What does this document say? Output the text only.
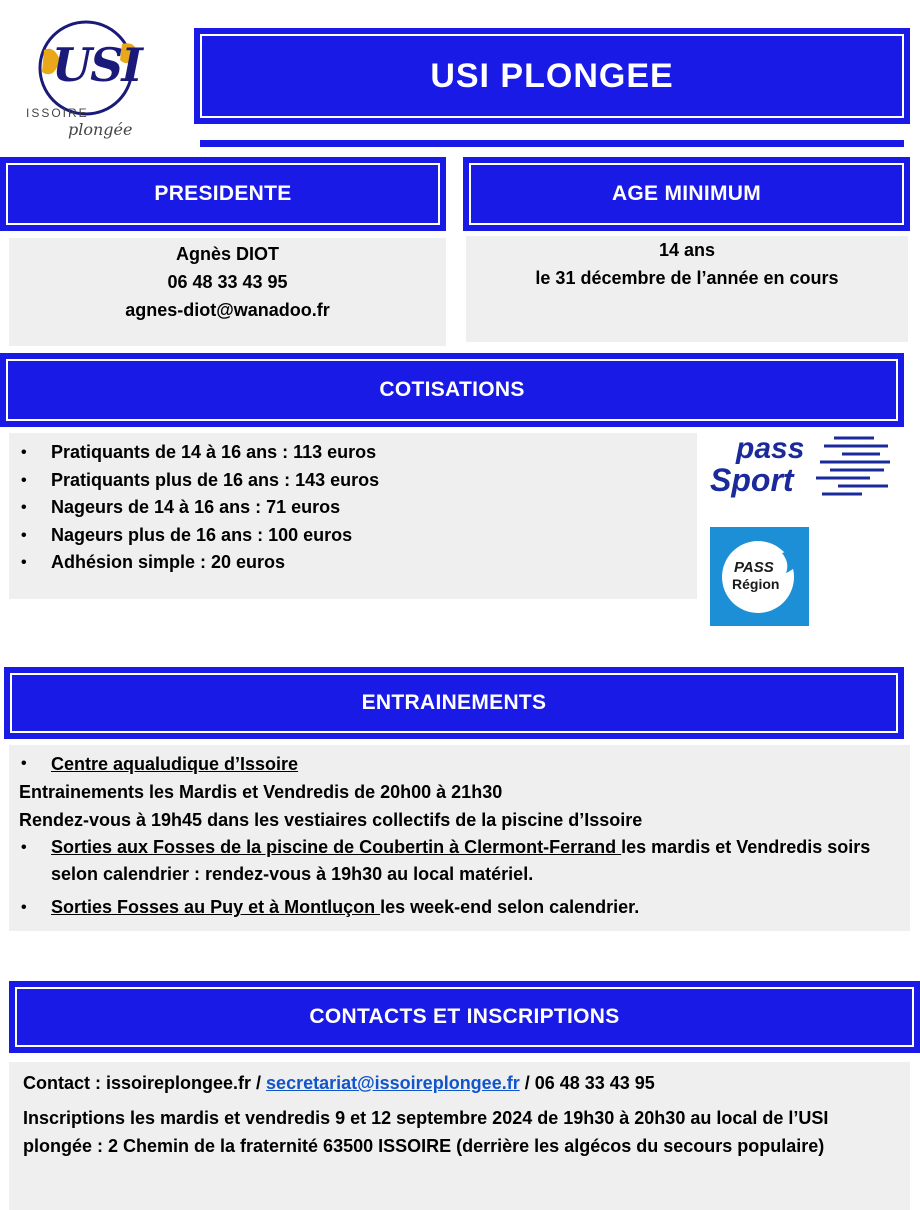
USI
ISSOIRE
plongée
USI PLONGEE
PRESIDENTE
Agnès DIOT
06 48 33 43 95
agnes-diot@wanadoo.fr
AGE MINIMUM
14 ans
le 31 décembre de l’année en cours
COTISATIONS
• Pratiquants de 14 à 16 ans : 113 euros
• Pratiquants plus de 16 ans : 143 euros
• Nageurs de 14 à 16 ans : 71 euros
• Nageurs plus de 16 ans : 100 euros
• Adhésion simple : 20 euros
pass
Sport
PASS
Région
ENTRAINEMENTS
• Centre aqualudique d’Issoire
Entrainements les Mardis et Vendredis de 20h00 à 21h30
Rendez-vous à 19h45 dans les vestiaires collectifs de la piscine d’Issoire
• Sorties aux Fosses de la piscine de Coubertin à Clermont-Ferrand les mardis et Vendredis soirs selon calendrier : rendez-vous à 19h30 au local matériel.
• Sorties Fosses au Puy et à Montluçon les week-end selon calendrier.
CONTACTS ET INSCRIPTIONS
Contact : issoireplongee.fr / secretariat@issoireplongee.fr / 06 48 33 43 95
Inscriptions les mardis et vendredis 9 et 12 septembre 2024 de 19h30 à 20h30 au local de l’USI plongée : 2 Chemin de la fraternité 63500 ISSOIRE (derrière les algécos du secours populaire)
